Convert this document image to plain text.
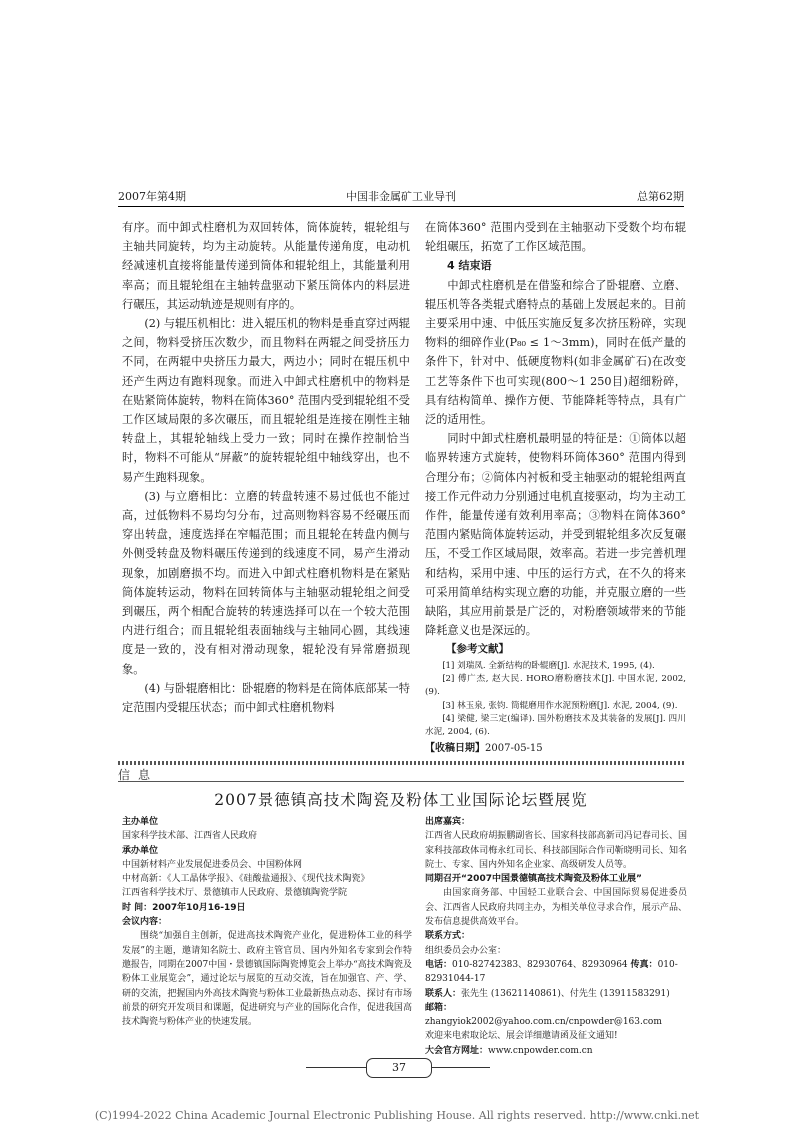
2007年第4期	中国非金属矿工业导刊	总第62期

有序。而中卸式柱磨机为双回转体，筒体旋转，辊轮组与主轴共同旋转，均为主动旋转。从能量传递角度，电动机经减速机直接将能量传递到筒体和辊轮组上，其能量利用率高；而且辊轮组在主轴转盘驱动下紧压筒体内的料层进行碾压，其运动轨迹是规则有序的。

(2) 与辊压机相比：进入辊压机的物料是垂直穿过两辊之间，物料受挤压次数少，而且物料在两辊之间受挤压力不同，在两辊中央挤压力最大，两边小；同时在辊压机中还产生两边有跑料现象。而进入中卸式柱磨机中的物料是在贴紧筒体旋转，物料在筒体360° 范围内受到辊轮组不受工作区域局限的多次碾压，而且辊轮组是连接在刚性主轴转盘上，其辊轮轴线上受力一致；同时在操作控制恰当时，物料不可能从“屏蔽”的旋转辊轮组中轴线穿出，也不易产生跑料现象。

(3) 与立磨相比：立磨的转盘转速不易过低也不能过高，过低物料不易均匀分布，过高则物料容易不经碾压而穿出转盘，速度选择在窄幅范围；而且辊轮在转盘内侧与外侧受转盘及物料碾压传递到的线速度不同，易产生滑动现象，加剧磨损不均。而进入中卸式柱磨机物料是在紧贴筒体旋转运动，物料在回转筒体与主轴驱动辊轮组之间受到碾压，两个相配合旋转的转速选择可以在一个较大范围内进行组合；而且辊轮组表面轴线与主轴同心圆，其线速度是一致的，没有相对滑动现象，辊轮没有异常磨损现象。

(4) 与卧辊磨相比：卧辊磨的物料是在筒体底部某一特定范围内受辊压状态；而中卸式柱磨机物料

在筒体360° 范围内受到在主轴驱动下受数个均布辊轮组碾压，拓宽了工作区域范围。

4 结束语

中卸式柱磨机是在借鉴和综合了卧辊磨、立磨、辊压机等各类辊式磨特点的基础上发展起来的。目前主要采用中速、中低压实施反复多次挤压粉碎，实现物料的细碎作业(P₈₀ ≤ 1～3mm)，同时在低产量的条件下，针对中、低硬度物料(如非金属矿石)在改变工艺等条件下也可实现(800～1 250目)超细粉碎，具有结构简单、操作方便、节能降耗等特点，具有广泛的适用性。

同时中卸式柱磨机最明显的特征是：①筒体以超临界转速方式旋转，使物料环筒体360° 范围内得到合理分布；②筒体内衬板和受主轴驱动的辊轮组两直接工作元件动力分别通过电机直接驱动，均为主动工作件，能量传递有效利用率高；③物料在筒体360° 范围内紧贴筒体旋转运动，并受到辊轮组多次反复碾压，不受工作区域局限，效率高。若进一步完善机理和结构，采用中速、中压的运行方式，在不久的将来可采用简单结构实现立磨的功能，并克服立磨的一些缺陷，其应用前景是广泛的，对粉磨领域带来的节能降耗意义也是深远的。

【参考文献】

[1] 刘瑞凤. 全新结构的卧辊磨[J]. 水泥技术, 1995, (4).

[2] 傅广杰, 赵大民. HORO磨粉磨技术[J]. 中国水泥, 2002, (9).

[3] 林玉泉, 张钧. 筒辊磨用作水泥预粉磨[J]. 水泥, 2004, (9).

[4] 梁健, 梁三定(编译). 国外粉磨技术及其装备的发展[J]. 四川水泥, 2004, (6).

【收稿日期】2007-05-15

信息
2007景德镇高技术陶瓷及粉体工业国际论坛暨展览

主办单位

国家科学技术部、江西省人民政府

承办单位

中国新材料产业发展促进委员会、中国粉体网

中材高新：《人工晶体学报》、《硅酸盐通报》、《现代技术陶瓷》

江西省科学技术厅、景德镇市人民政府、景德镇陶瓷学院

时 间：2007年10月16-19日

会议内容：

围绕“加强自主创新，促进高技术陶瓷产业化，促进粉体工业的科学发展”的主题，邀请知名院士、政府主管官员、国内外知名专家到会作特邀报告，同期在2007中国・景德镇国际陶瓷博览会上举办“高技术陶瓷及粉体工业展览会”，通过论坛与展览的互动交流，旨在加强官、产、学、研的交流，把握国内外高技术陶瓷与粉体工业最新热点动态、探讨有市场前景的研究开发项目和课题，促进研究与产业的国际化合作，促进我国高技术陶瓷与粉体产业的快速发展。

出席嘉宾：

江西省人民政府胡振鹏副省长、国家科技部高新司冯记春司长、国家科技部政体司梅永红司长、科技部国际合作司靳晓明司长、知名院士、专家、国内外知名企业家、高级研发人员等。

同期召开“2007中国景德镇高技术陶瓷及粉体工业展”

由国家商务部、中国轻工业联合会、中国国际贸易促进委员会、江西省人民政府共同主办，为相关单位寻求合作，展示产品、发布信息提供高效平台。

联系方式：

组织委员会办公室：

电话：010-82742383、82930764、82930964 传真：010-82931044-17

联系人：张先生 (13621140861)、付先生 (13911583291)

邮箱：zhangyiok2002@yahoo.com.cn/cnpowder@163.com

欢迎来电索取论坛、展会详细邀请函及征文通知!

大会官方网址：www.cnpowder.com.cn

37
(C)1994-2022 China Academic Journal Electronic Publishing House. All rights reserved. http://www.cnki.net
